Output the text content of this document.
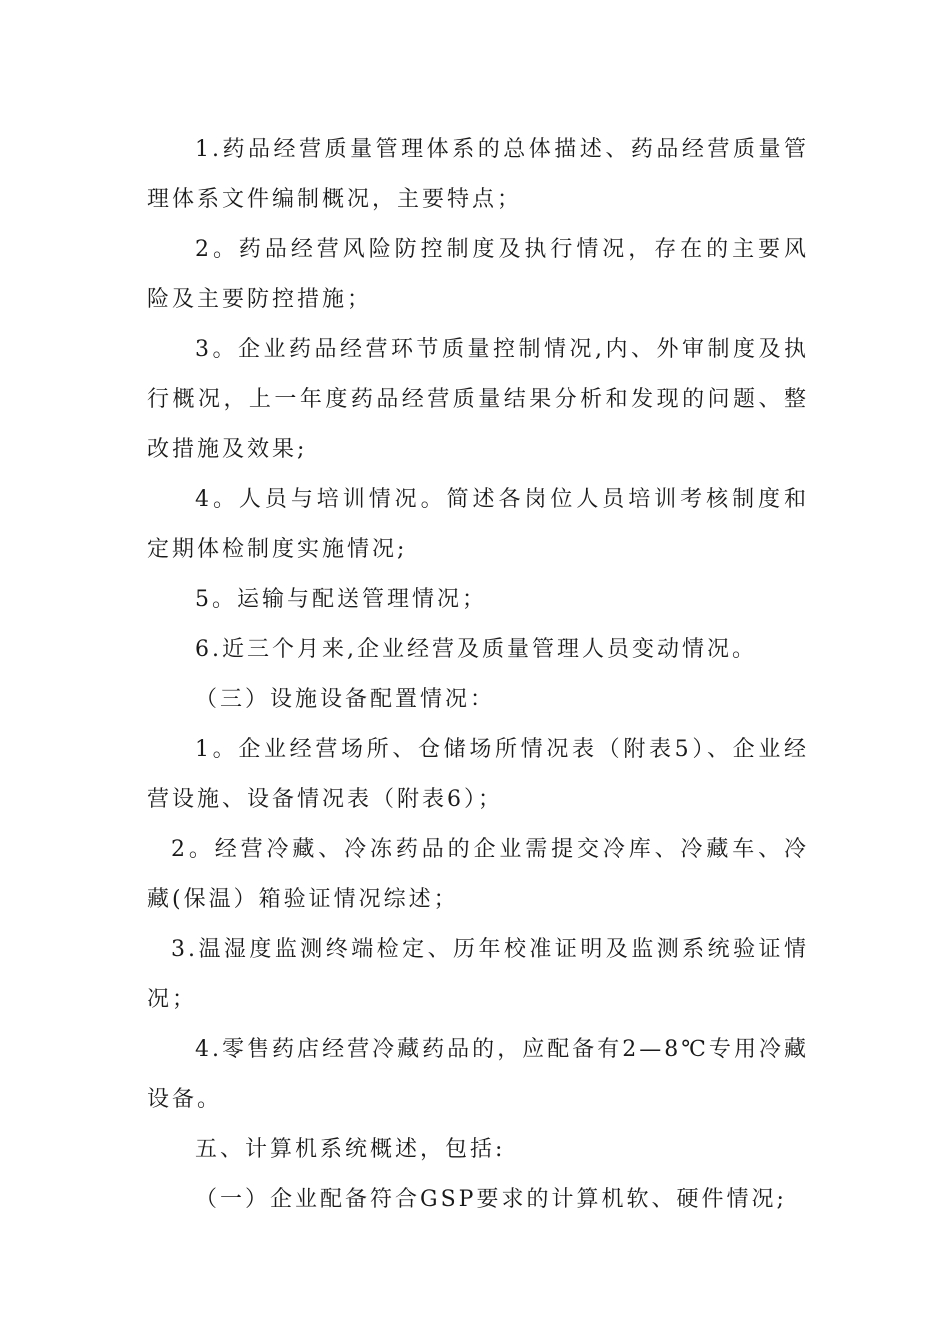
1.药品经营质量管理体系的总体描述、药品经营质量管理体系文件编制概况，主要特点；

2。药品经营风险防控制度及执行情况，存在的主要风险及主要防控措施；

3。企业药品经营环节质量控制情况,内、外审制度及执行概况，上一年度药品经营质量结果分析和发现的问题、整改措施及效果;

4。人员与培训情况。简述各岗位人员培训考核制度和定期体检制度实施情况;

5。运输与配送管理情况；

6.近三个月来,企业经营及质量管理人员变动情况。

（三）设施设备配置情况：

1。企业经营场所、仓储场所情况表（附表5）、企业经营设施、设备情况表（附表6）；

2。经营冷藏、冷冻药品的企业需提交冷库、冷藏车、冷藏(保温）箱验证情况综述；

3.温湿度监测终端检定、历年校准证明及监测系统验证情况；

4.零售药店经营冷藏药品的，应配备有2—8℃专用冷藏设备。

五、计算机系统概述，包括:

（一）企业配备符合GSP要求的计算机软、硬件情况;
